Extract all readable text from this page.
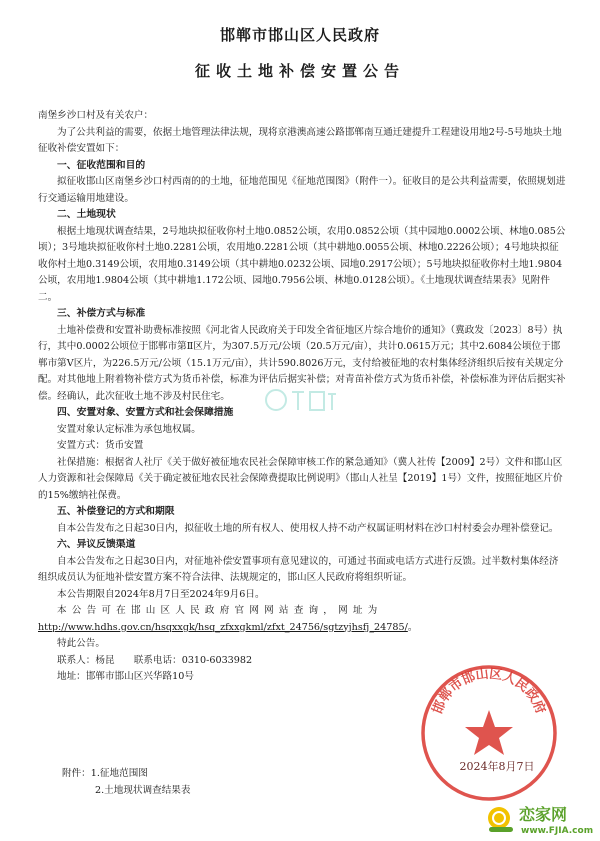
邯郸市邯山区人民政府
征收土地补偿安置公告

南堡乡沙口村及有关农户：

为了公共利益的需要，依据土地管理法律法规，现将京港澳高速公路邯郸南互通迁建提升工程建设用地2号-5号地块土地征收补偿安置如下：

一、征收范围和目的

拟征收邯山区南堡乡沙口村西南的的土地，征地范围见《征地范围图》（附件一）。征收目的是公共利益需要，依照规划进行交通运输用地建设。

二、土地现状

根据土地现状调查结果，2号地块拟征收你村土地0.0852公顷，农用0.0852公顷（其中园地0.0002公顷、林地0.085公顷）；3号地块拟征收你村土地0.2281公顷，农用地0.2281公顷（其中耕地0.0055公顷、林地0.2226公顷）；4号地块拟征收你村土地0.3149公顷，农用地0.3149公顷（其中耕地0.0232公顷、园地0.2917公顷）；5号地块拟征收你村土地1.9804公顷，农用地1.9804公顷（其中耕地1.172公顷、园地0.7956公顷、林地0.0128公顷）。《土地现状调查结果表》见附件二。

三、补偿方式与标准

土地补偿费和安置补助费标准按照《河北省人民政府关于印发全省征地区片综合地价的通知》（冀政发〔2023〕8号）执行，其中0.0002公顷位于邯郸市第Ⅱ区片，为307.5万元/公顷（20.5万元/亩），共计0.0615万元；其中2.6084公顷位于邯郸市第Ⅴ区片，为226.5万元/公顷（15.1万元/亩），共计590.8026万元，支付给被征地的农村集体经济组织后按有关规定分配。对其他地上附着物补偿方式为货币补偿，标准为评估后据实补偿；对青苗补偿方式为货币补偿，补偿标准为评估后据实补偿。经确认，此次征收土地不涉及村民住宅。

四、安置对象、安置方式和社会保障措施

安置对象认定标准为承包地权属。

安置方式：货币安置

社保措施：根据省人社厅《关于做好被征地农民社会保障审核工作的紧急通知》（冀人社传【2009】2号）文件和邯山区人力资源和社会保障局《关于确定被征地农民社会保障费提取比例说明》（邯山人社呈【2019】1号）文件，按照征地区片价的15%缴纳社保费。

五、补偿登记的方式和期限

自本公告发布之日起30日内，拟征收土地的所有权人、使用权人持不动产权属证明材料在沙口村村委会办理补偿登记。

六、异议反馈渠道

自本公告发布之日起30日内，对征地补偿安置事项有意见建议的，可通过书面或电话方式进行反馈。过半数村集体经济组织成员认为征地补偿安置方案不符合法律、法规规定的，邯山区人民政府将组织听证。

本公告期限自2024年8月7日至2024年9月6日。

本公告可在邯山区人民政府官网网站查询，网址为

http://www.hdhs.gov.cn/hsqxxgk/hsq_zfxxgkml/zfxt_24756/sgtzyjhsfj_24785/。

特此公告。

联系人：杨昆　　联系电话：0310-6033982

地址：邯郸市邯山区兴华路10号

附件：1.征地范围图
2.土地现状调查结果表
邯郸市邯山区人民政府
2024年8月7日
恋家网
www.FJIA.com
